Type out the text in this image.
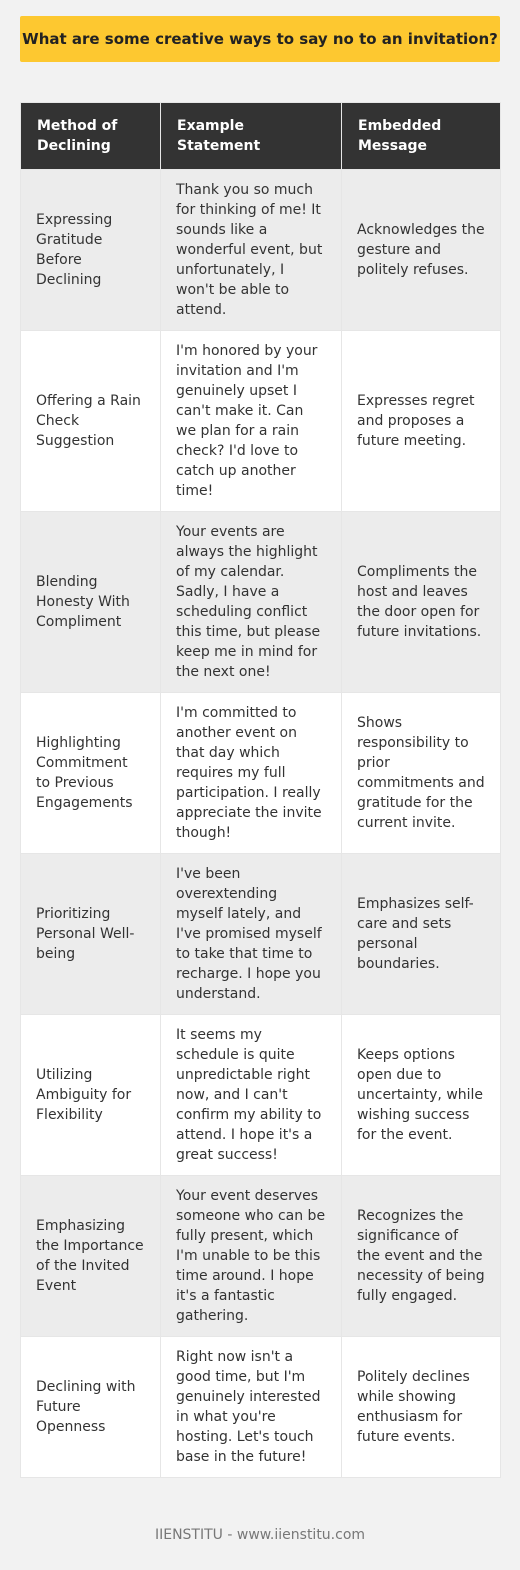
What are some creative ways to say no to an invitation?
Method of Declining	Example Statement	Embedded Message
Expressing Gratitude Before Declining	Thank you so much for thinking of me! It sounds like a wonderful event, but unfortunately, I won't be able to attend.	Acknowledges the gesture and politely refuses.
Offering a Rain Check Suggestion	I'm honored by your invitation and I'm genuinely upset I can't make it. Can we plan for a rain check? I'd love to catch up another time!	Expresses regret and proposes a future meeting.
Blending Honesty With Compliment	Your events are always the highlight of my calendar. Sadly, I have a scheduling conflict this time, but please keep me in mind for the next one!	Compliments the host and leaves the door open for future invitations.
Highlighting Commitment to Previous Engagements	I'm committed to another event on that day which requires my full participation. I really appreciate the invite though!	Shows responsibility to prior commitments and gratitude for the current invite.
Prioritizing Personal Well-being	I've been overextending myself lately, and I've promised myself to take that time to recharge. I hope you understand.	Emphasizes self-care and sets personal boundaries.
Utilizing Ambiguity for Flexibility	It seems my schedule is quite unpredictable right now, and I can't confirm my ability to attend. I hope it's a great success!	Keeps options open due to uncertainty, while wishing success for the event.
Emphasizing the Importance of the Invited Event	Your event deserves someone who can be fully present, which I'm unable to be this time around. I hope it's a fantastic gathering.	Recognizes the significance of the event and the necessity of being fully engaged.
Declining with Future Openness	Right now isn't a good time, but I'm genuinely interested in what you're hosting. Let's touch base in the future!	Politely declines while showing enthusiasm for future events.
IIENSTITU - www.iienstitu.com
